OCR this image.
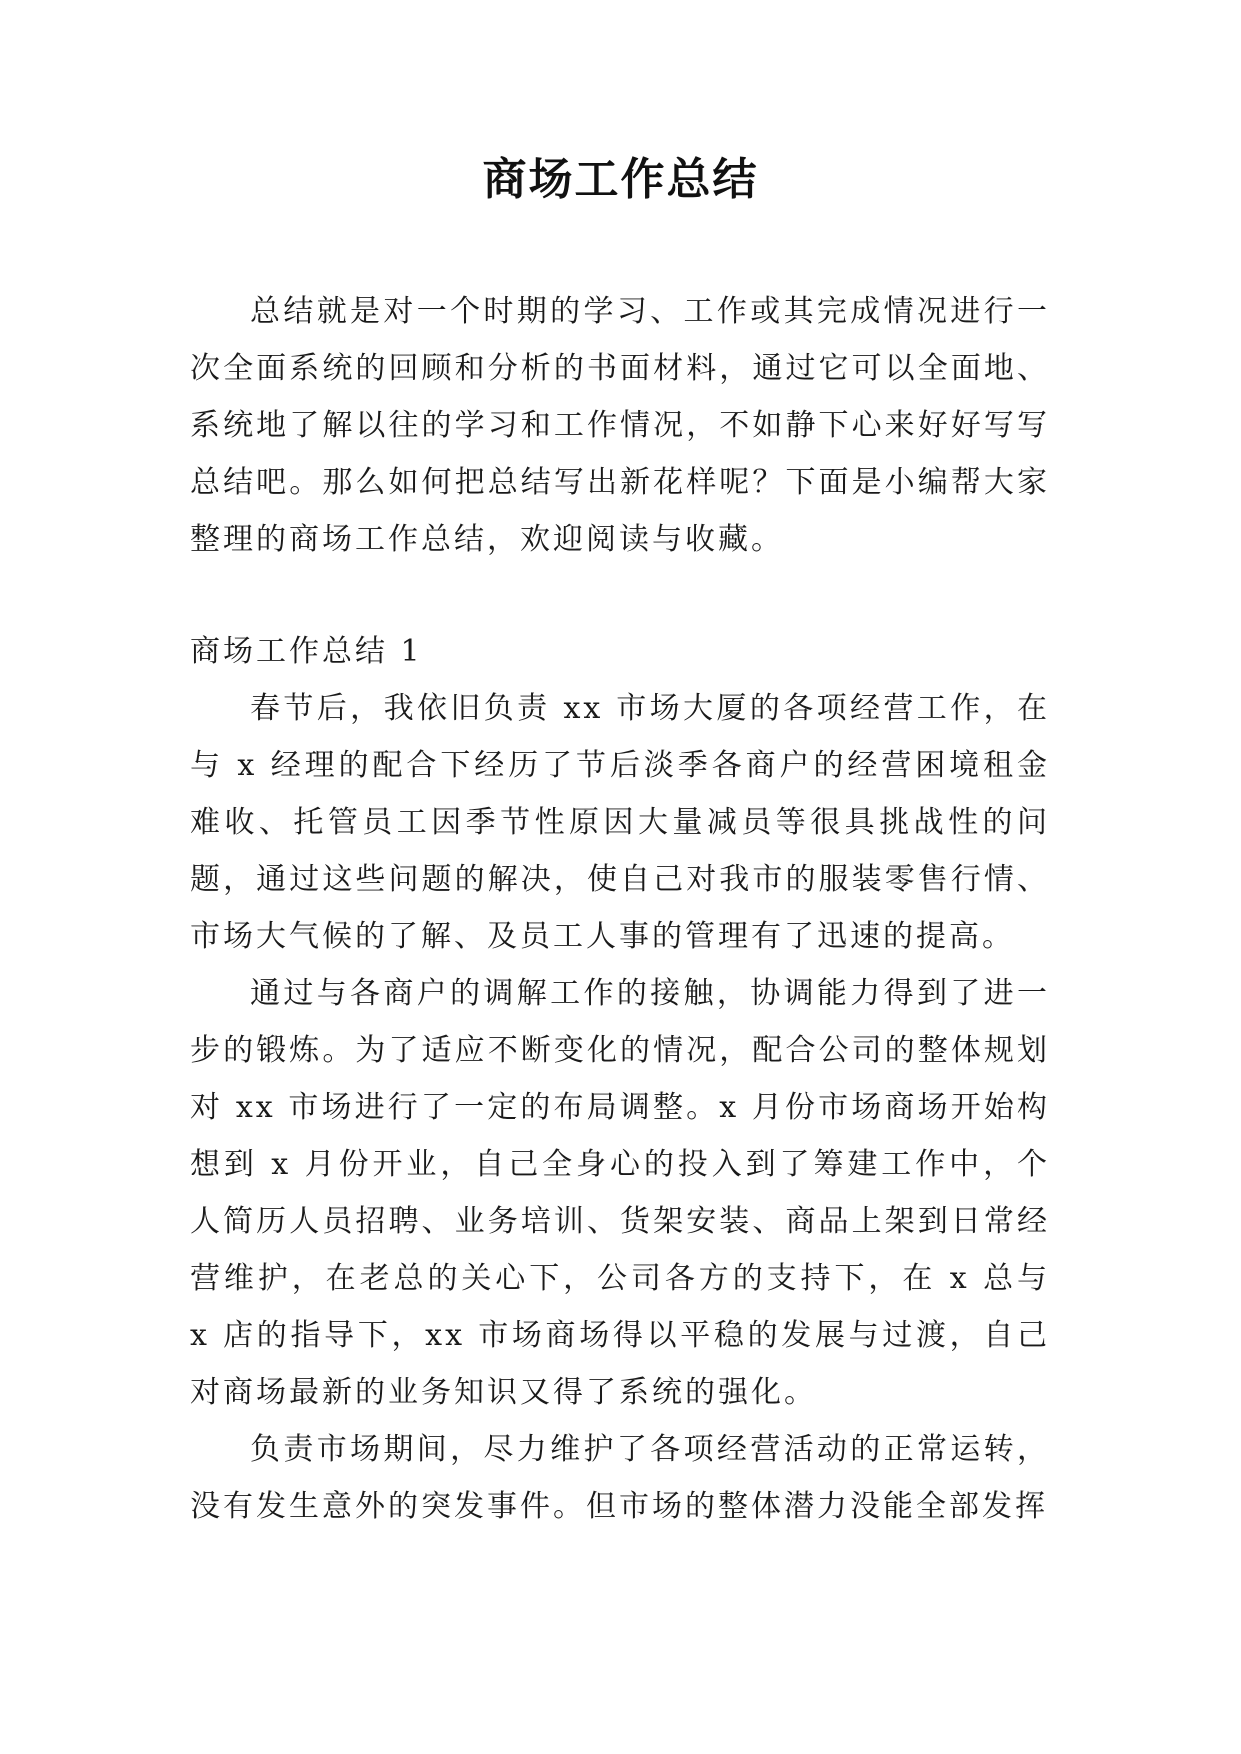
商场工作总结

总结就是对一个时期的学习、工作或其完成情况进行一次全面系统的回顾和分析的书面材料，通过它可以全面地、系统地了解以往的学习和工作情况，不如静下心来好好写写总结吧。那么如何把总结写出新花样呢？下面是小编帮大家整理的商场工作总结，欢迎阅读与收藏。

商场工作总结 1

春节后，我依旧负责 xx 市场大厦的各项经营工作，在与 x 经理的配合下经历了节后淡季各商户的经营困境租金难收、托管员工因季节性原因大量减员等很具挑战性的问题，通过这些问题的解决，使自己对我市的服装零售行情、市场大气候的了解、及员工人事的管理有了迅速的提高。

通过与各商户的调解工作的接触，协调能力得到了进一步的锻炼。为了适应不断变化的情况，配合公司的整体规划对 xx 市场进行了一定的布局调整。x 月份市场商场开始构想到 x 月份开业，自己全身心的投入到了筹建工作中，个人简历人员招聘、业务培训、货架安装、商品上架到日常经营维护，在老总的关心下，公司各方的支持下，在 x 总与 x 店的指导下，xx 市场商场得以平稳的发展与过渡，自己对商场最新的业务知识又得了系统的强化。

负责市场期间，尽力维护了各项经营活动的正常运转，没有发生意外的突发事件。但市场的整体潜力没能全部发挥
